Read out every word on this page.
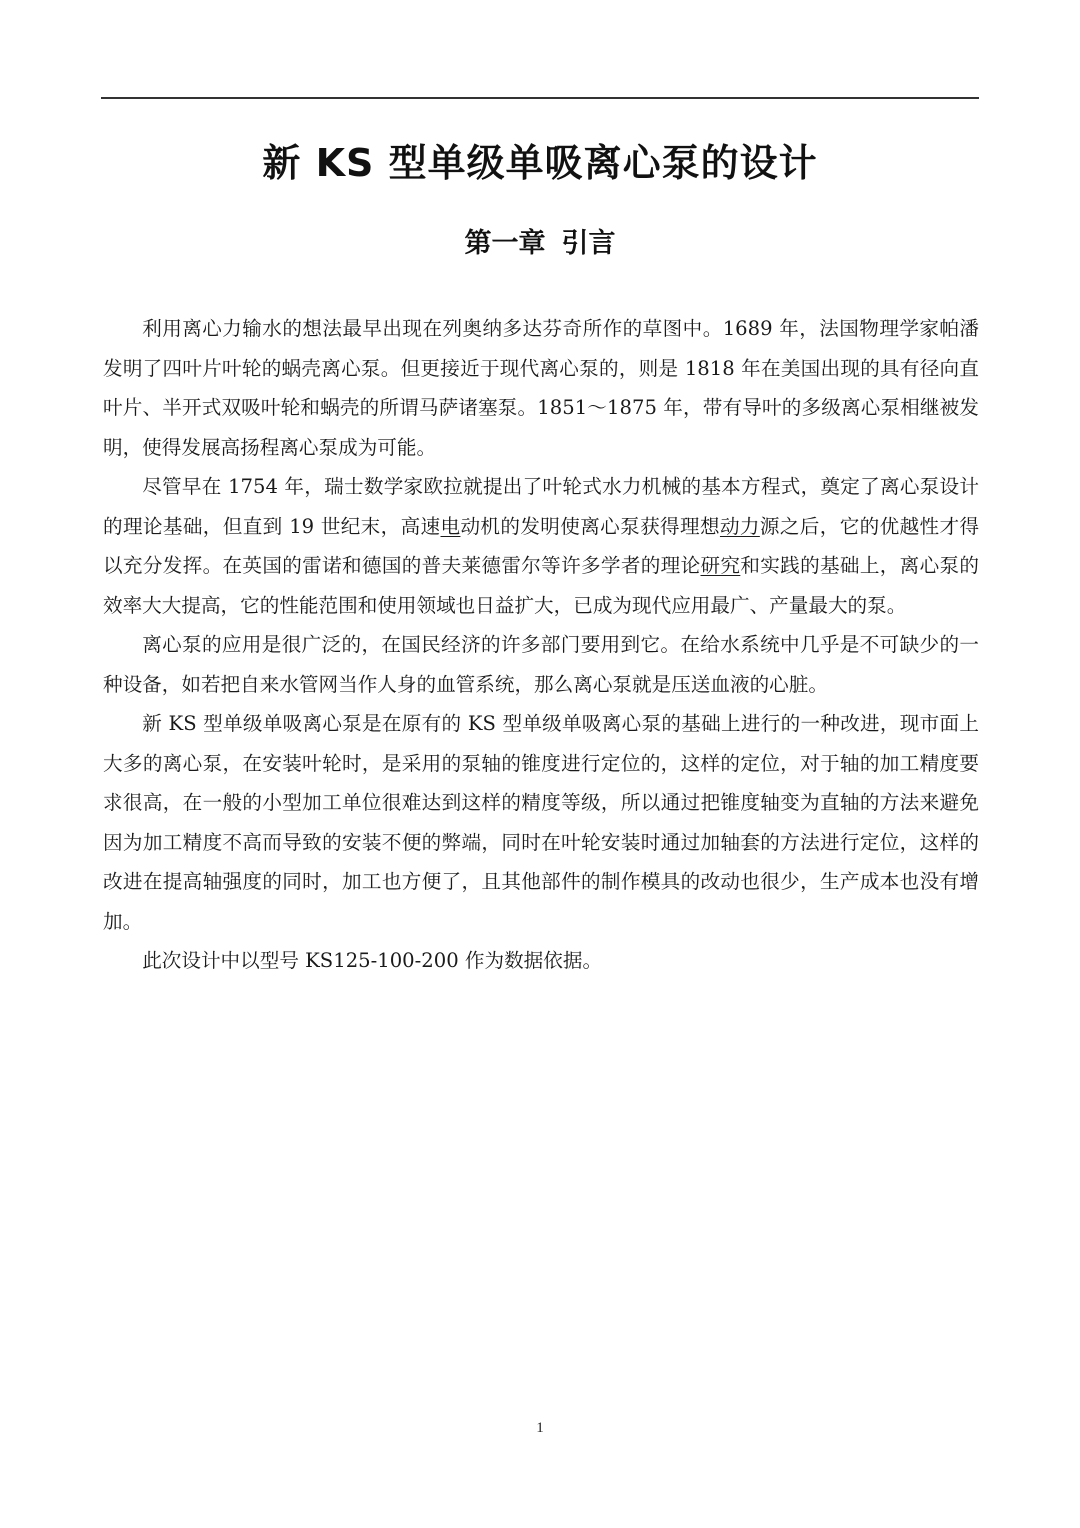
新 KS 型单级单吸离心泵的设计
第一章 引言

利用离心力输水的想法最早出现在列奥纳多达芬奇所作的草图中。1689 年，法国物理学家帕潘发明了四叶片叶轮的蜗壳离心泵。但更接近于现代离心泵的，则是 1818 年在美国出现的具有径向直叶片、半开式双吸叶轮和蜗壳的所谓马萨诸塞泵。1851～1875 年，带有导叶的多级离心泵相继被发明，使得发展高扬程离心泵成为可能。

尽管早在 1754 年，瑞士数学家欧拉就提出了叶轮式水力机械的基本方程式，奠定了离心泵设计的理论基础，但直到 19 世纪末，高速电动机的发明使离心泵获得理想动力源之后，它的优越性才得以充分发挥。在英国的雷诺和德国的普夫莱德雷尔等许多学者的理论研究和实践的基础上，离心泵的效率大大提高，它的性能范围和使用领域也日益扩大，已成为现代应用最广、产量最大的泵。

离心泵的应用是很广泛的，在国民经济的许多部门要用到它。在给水系统中几乎是不可缺少的一种设备，如若把自来水管网当作人身的血管系统，那么离心泵就是压送血液的心脏。

新 KS 型单级单吸离心泵是在原有的 KS 型单级单吸离心泵的基础上进行的一种改进，现市面上大多的离心泵，在安装叶轮时，是采用的泵轴的锥度进行定位的，这样的定位，对于轴的加工精度要求很高，在一般的小型加工单位很难达到这样的精度等级，所以通过把锥度轴变为直轴的方法来避免因为加工精度不高而导致的安装不便的弊端，同时在叶轮安装时通过加轴套的方法进行定位，这样的改进在提高轴强度的同时，加工也方便了，且其他部件的制作模具的改动也很少，生产成本也没有增加。

此次设计中以型号 KS125-100-200 作为数据依据。

1
